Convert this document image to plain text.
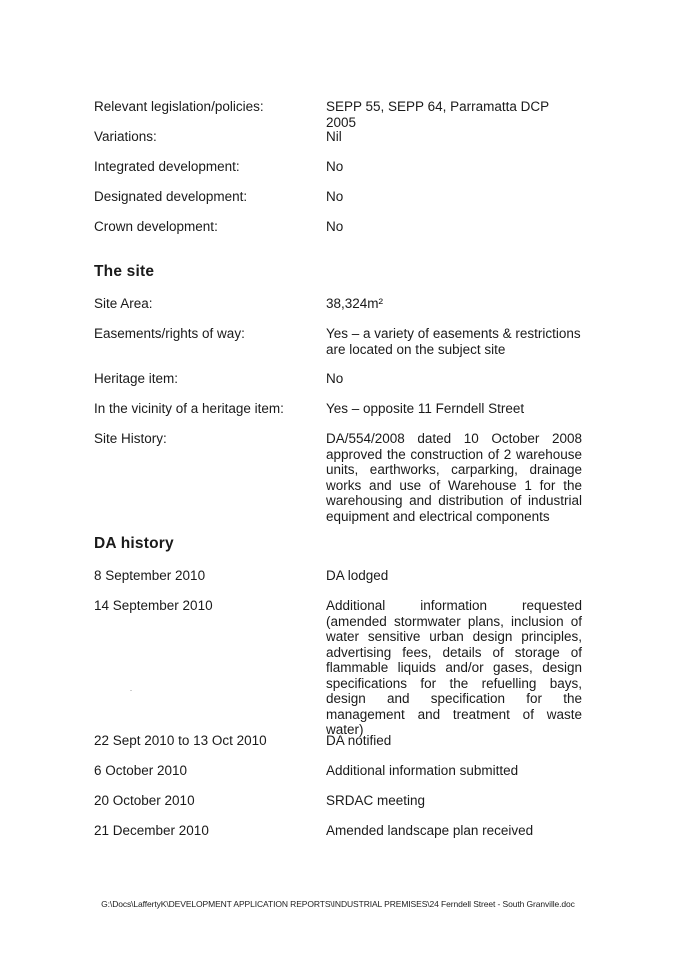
Relevant legislation/policies:	SEPP 55, SEPP 64, Parramatta DCP 2005
Variations:	Nil
Integrated development:	No
Designated development:	No
Crown development:	No
The site
Site Area:	38,324m²
Easements/rights of way:	Yes – a variety of easements & restrictions are located on the subject site
Heritage item:	No
In the vicinity of a heritage item:	Yes – opposite 11 Ferndell Street
Site History:	DA/554/2008 dated 10 October 2008 approved the construction of 2 warehouse units, earthworks, carparking, drainage works and use of Warehouse 1 for the warehousing and distribution of industrial equipment and electrical components
DA history
8 September 2010	DA lodged
14 September 2010	Additional information requested (amended stormwater plans, inclusion of water sensitive urban design principles, advertising fees, details of storage of flammable liquids and/or gases, design specifications for the refuelling bays, design and specification for the management and treatment of waste water)
22 Sept 2010 to 13 Oct 2010	DA notified
6 October 2010	Additional information submitted
20 October 2010	SRDAC meeting
21 December 2010	Amended landscape plan received
G:\Docs\LaffertyK\DEVELOPMENT APPLICATION REPORTS\INDUSTRIAL PREMISES\24 Ferndell Street - South Granville.doc
